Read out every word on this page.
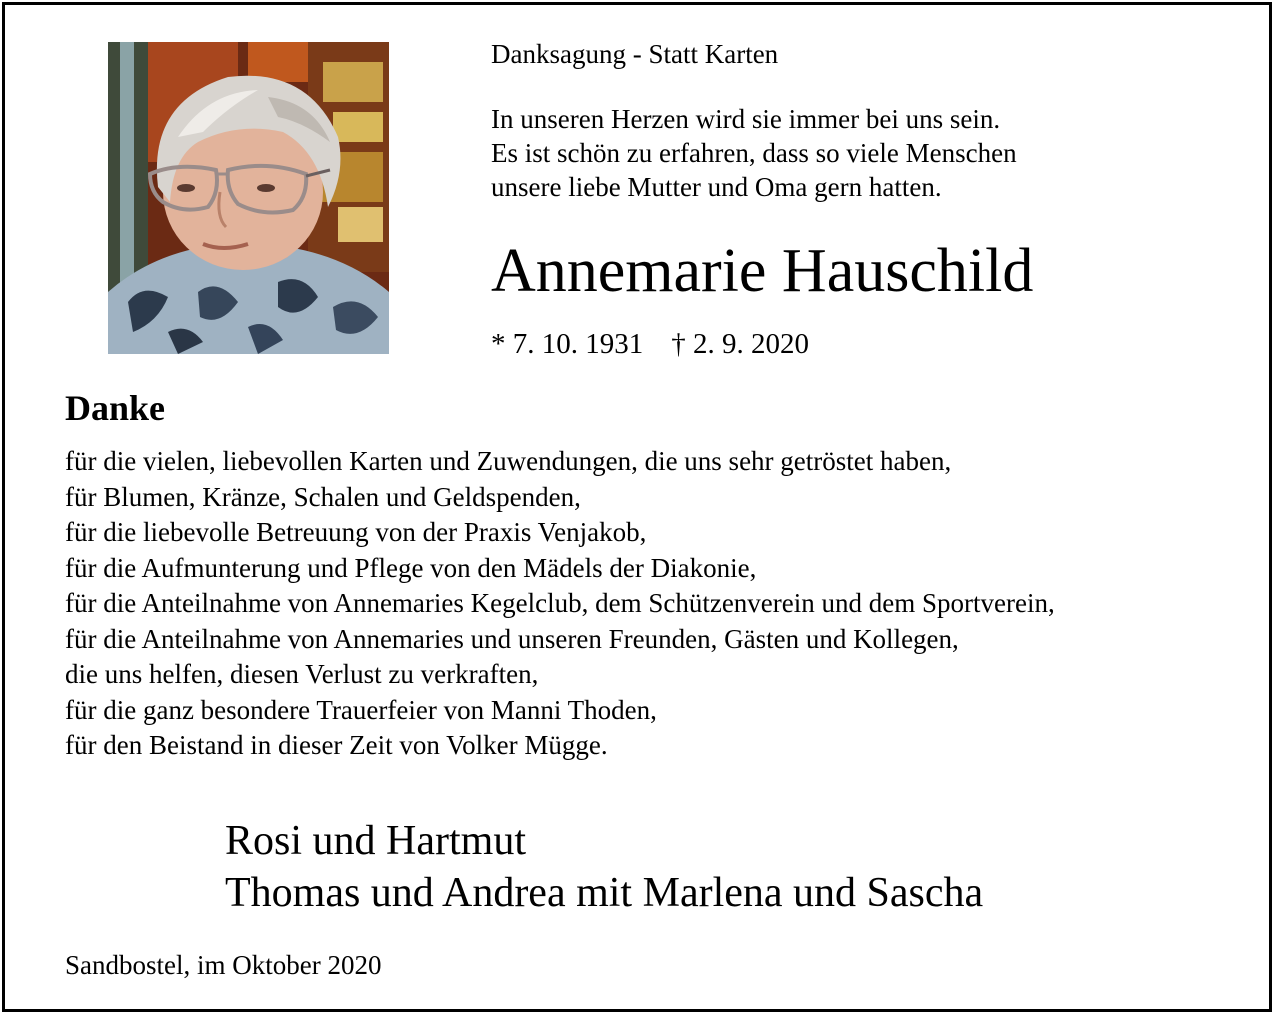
Danksagung - Statt Karten
In unseren Herzen wird sie immer bei uns sein.
Es ist schön zu erfahren, dass so viele Menschen
unsere liebe Mutter und Oma gern hatten.
Annemarie Hauschild
* 7. 10. 1931 † 2. 9. 2020
Danke
für die vielen, liebevollen Karten und Zuwendungen, die uns sehr getröstet haben,
für Blumen, Kränze, Schalen und Geldspenden,
für die liebevolle Betreuung von der Praxis Venjakob,
für die Aufmunterung und Pflege von den Mädels der Diakonie,
für die Anteilnahme von Annemaries Kegelclub, dem Schützenverein und dem Sportverein,
für die Anteilnahme von Annemaries und unseren Freunden, Gästen und Kollegen,
die uns helfen, diesen Verlust zu verkraften,
für die ganz besondere Trauerfeier von Manni Thoden,
für den Beistand in dieser Zeit von Volker Mügge.
Rosi und Hartmut
Thomas und Andrea mit Marlena und Sascha
Sandbostel, im Oktober 2020
